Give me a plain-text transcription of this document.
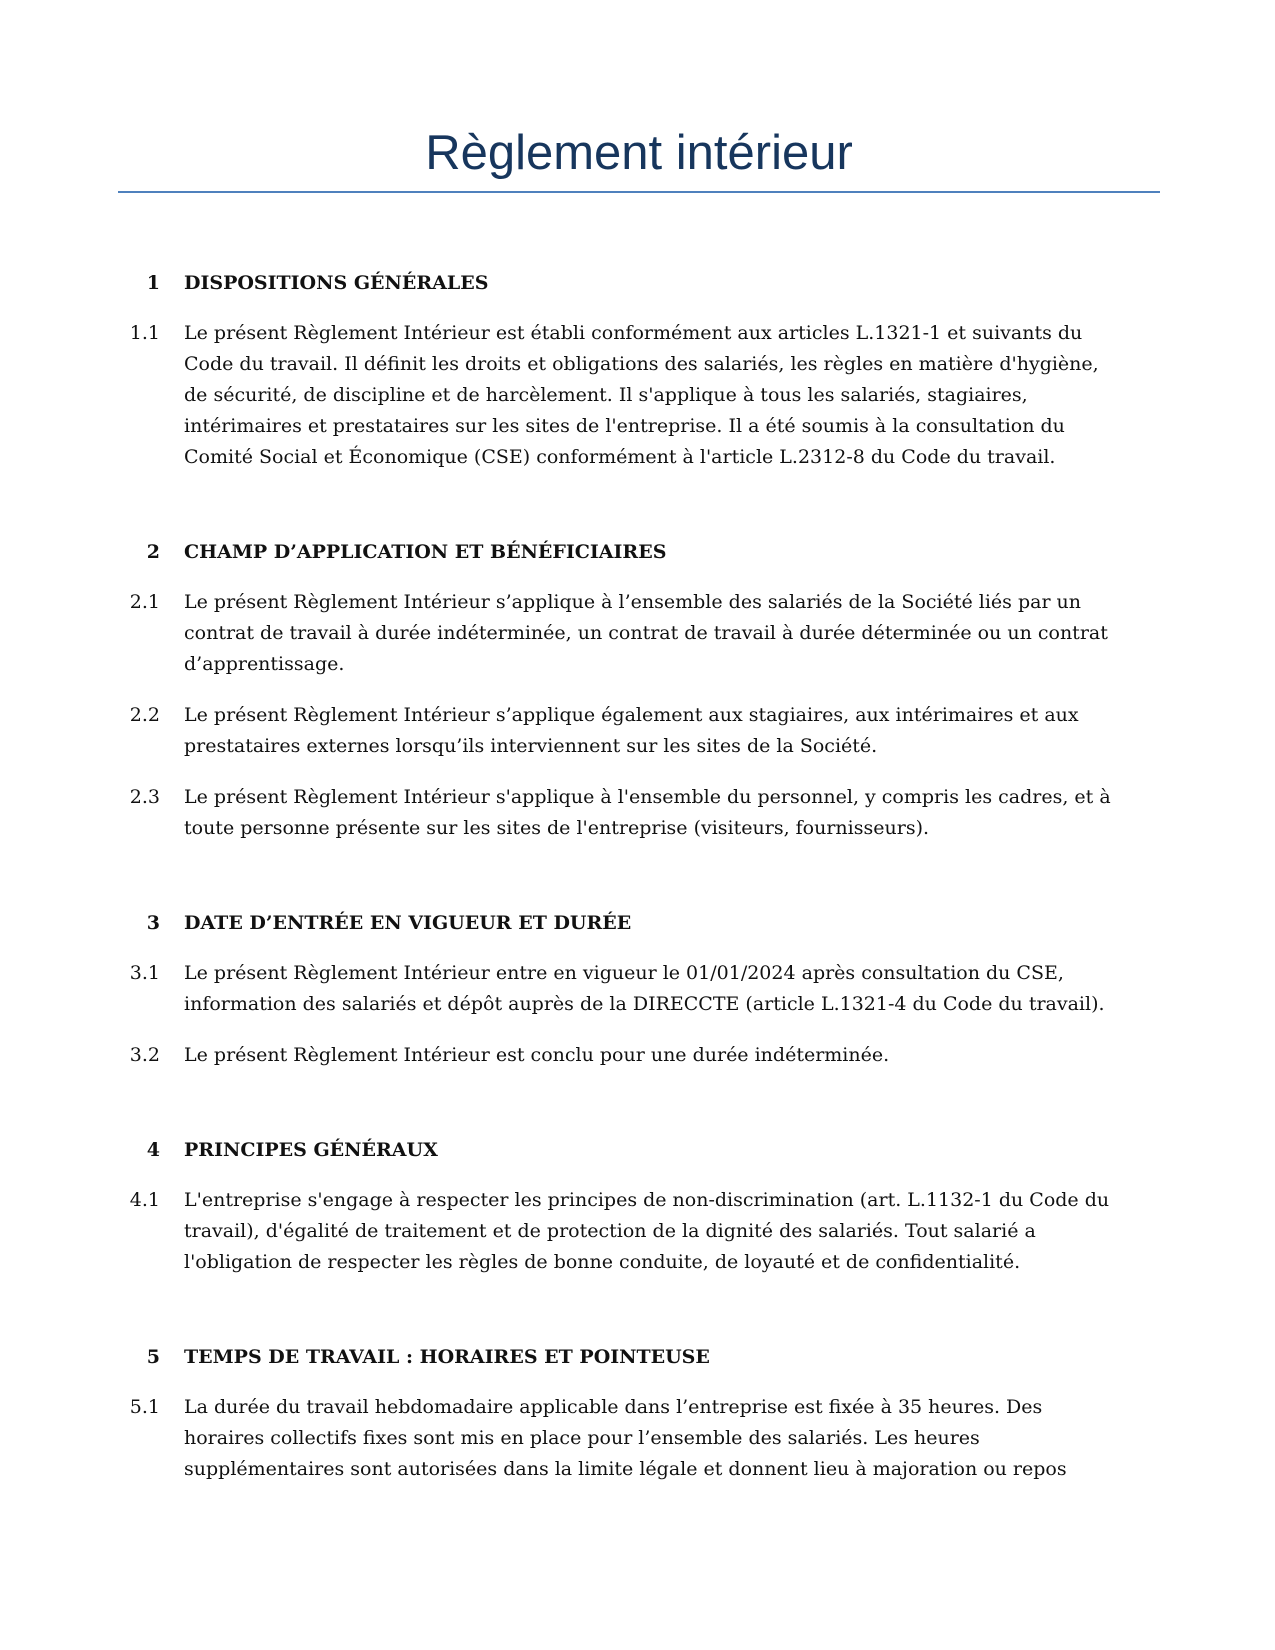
Règlement intérieur
1	DISPOSITIONS GÉNÉRALES
1.1	Le présent Règlement Intérieur est établi conformément aux articles L.1321-1 et suivants du Code du travail. Il définit les droits et obligations des salariés, les règles en matière d'hygiène, de sécurité, de discipline et de harcèlement. Il s'applique à tous les salariés, stagiaires, intérimaires et prestataires sur les sites de l'entreprise. Il a été soumis à la consultation du Comité Social et Économique (CSE) conformément à l'article L.2312-8 du Code du travail.
2	CHAMP D’APPLICATION ET BÉNÉFICIAIRES
2.1	Le présent Règlement Intérieur s’applique à l’ensemble des salariés de la Société liés par un contrat de travail à durée indéterminée, un contrat de travail à durée déterminée ou un contrat d’apprentissage.
2.2	Le présent Règlement Intérieur s’applique également aux stagiaires, aux intérimaires et aux prestataires externes lorsqu’ils interviennent sur les sites de la Société.
2.3	Le présent Règlement Intérieur s'applique à l'ensemble du personnel, y compris les cadres, et à toute personne présente sur les sites de l'entreprise (visiteurs, fournisseurs).
3	DATE D’ENTRÉE EN VIGUEUR ET DURÉE
3.1	Le présent Règlement Intérieur entre en vigueur le 01/01/2024 après consultation du CSE, information des salariés et dépôt auprès de la DIRECCTE (article L.1321-4 du Code du travail).
3.2	Le présent Règlement Intérieur est conclu pour une durée indéterminée.
4	PRINCIPES GÉNÉRAUX
4.1	L'entreprise s'engage à respecter les principes de non-discrimination (art. L.1132-1 du Code du travail), d'égalité de traitement et de protection de la dignité des salariés. Tout salarié a l'obligation de respecter les règles de bonne conduite, de loyauté et de confidentialité.
5	TEMPS DE TRAVAIL : HORAIRES ET POINTEUSE
5.1	La durée du travail hebdomadaire applicable dans l’entreprise est fixée à 35 heures. Des horaires collectifs fixes sont mis en place pour l’ensemble des salariés. Les heures supplémentaires sont autorisées dans la limite légale et donnent lieu à majoration ou repos
